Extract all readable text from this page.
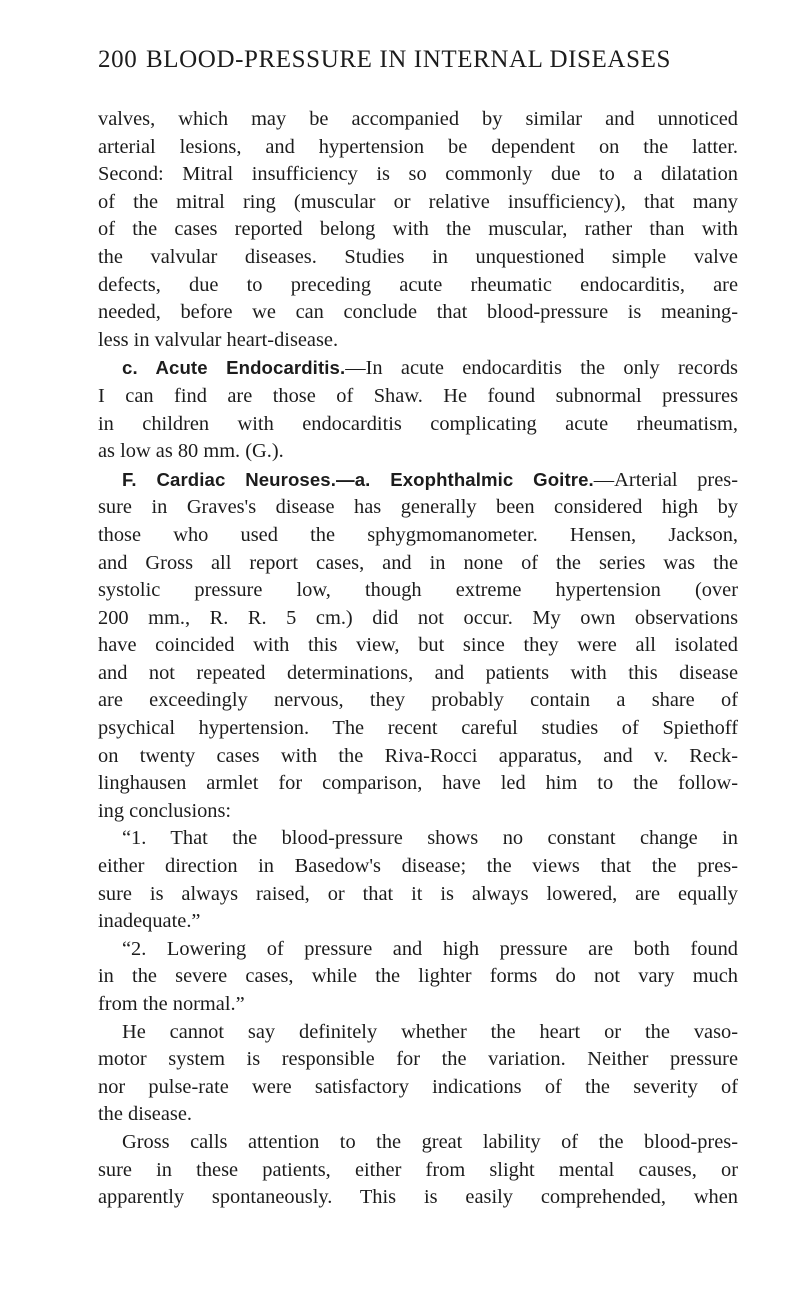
200 BLOOD-PRESSURE IN INTERNAL DISEASES
valves, which may be accompanied by similar and unnoticed
arterial lesions, and hypertension be dependent on the latter.
Second: Mitral insufficiency is so commonly due to a dilatation
of the mitral ring (muscular or relative insufficiency), that many
of the cases reported belong with the muscular, rather than with
the valvular diseases. Studies in unquestioned simple valve
defects, due to preceding acute rheumatic endocarditis, are
needed, before we can conclude that blood-pressure is meaning-
less in valvular heart-disease.
c. Acute Endocarditis.—In acute endocarditis the only records
I can find are those of Shaw. He found subnormal pressures
in children with endocarditis complicating acute rheumatism,
as low as 80 mm. (G.).
F. Cardiac Neuroses.—a. Exophthalmic Goitre.—Arterial pres-
sure in Graves's disease has generally been considered high by
those who used the sphygmomanometer. Hensen, Jackson,
and Gross all report cases, and in none of the series was the
systolic pressure low, though extreme hypertension (over
200 mm., R. R. 5 cm.) did not occur. My own observations
have coincided with this view, but since they were all isolated
and not repeated determinations, and patients with this disease
are exceedingly nervous, they probably contain a share of
psychical hypertension. The recent careful studies of Spiethoff
on twenty cases with the Riva-Rocci apparatus, and v. Reck-
linghausen armlet for comparison, have led him to the follow-
ing conclusions:
“1. That the blood-pressure shows no constant change in
either direction in Basedow's disease; the views that the pres-
sure is always raised, or that it is always lowered, are equally
inadequate.”
“2. Lowering of pressure and high pressure are both found
in the severe cases, while the lighter forms do not vary much
from the normal.”
He cannot say definitely whether the heart or the vaso-
motor system is responsible for the variation. Neither pressure
nor pulse-rate were satisfactory indications of the severity of
the disease.
Gross calls attention to the great lability of the blood-pres-
sure in these patients, either from slight mental causes, or
apparently spontaneously. This is easily comprehended, when
